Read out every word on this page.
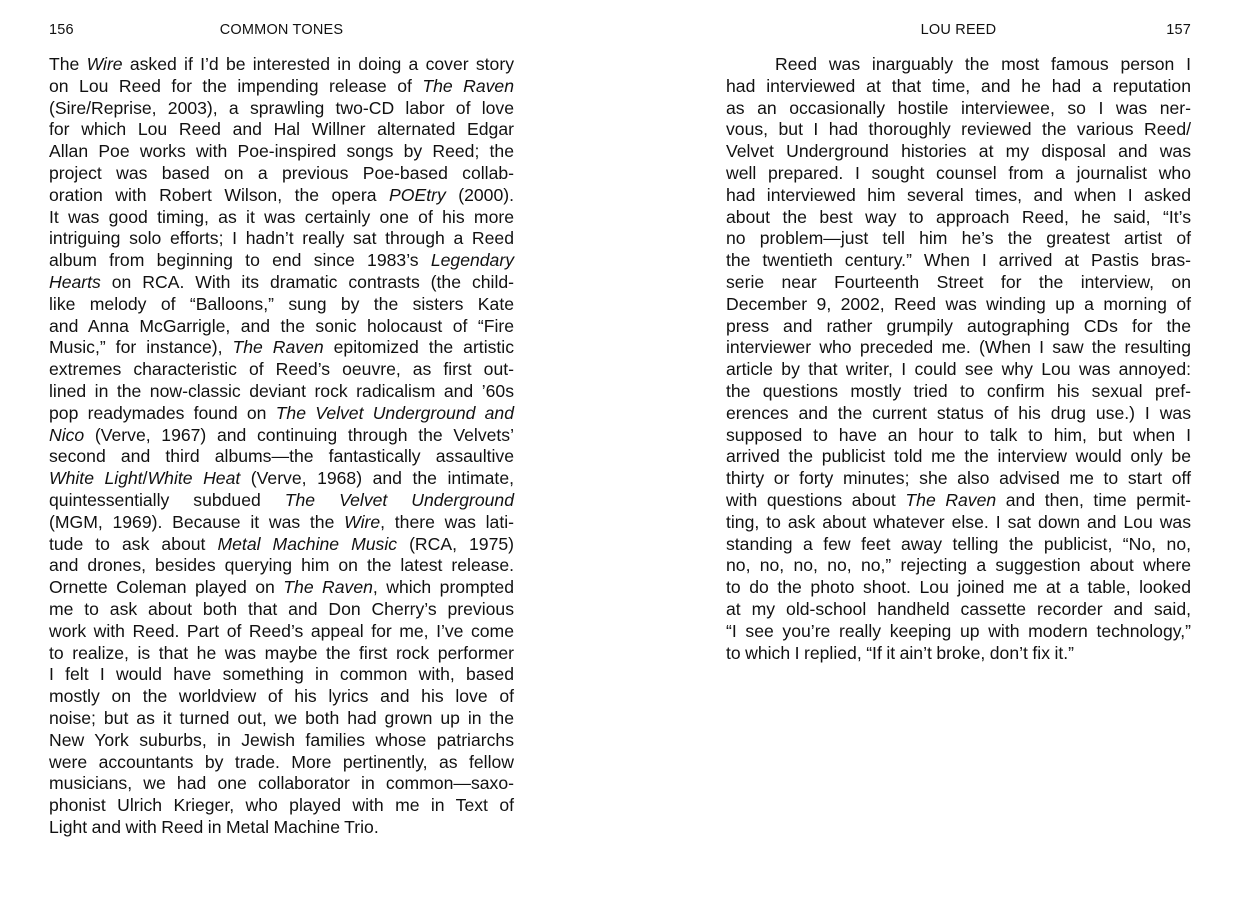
156	COMMON TONES
The Wire asked if I’d be interested in doing a cover story
on Lou Reed for the impending release of The Raven
(Sire/Reprise, 2003), a sprawling two-CD labor of love
for which Lou Reed and Hal Willner alternated Edgar
Allan Poe works with Poe-inspired songs by Reed; the
project was based on a previous Poe-based collab-
oration with Robert Wilson, the opera POEtry (2000).
It was good timing, as it was certainly one of his more
intriguing solo efforts; I hadn’t really sat through a Reed
album from beginning to end since 1983’s Legendary
Hearts on RCA. With its dramatic contrasts (the child-
like melody of “Balloons,” sung by the sisters Kate
and Anna McGarrigle, and the sonic holocaust of “Fire
Music,” for instance), The Raven epitomized the artistic
extremes characteristic of Reed’s oeuvre, as first out-
lined in the now-classic deviant rock radicalism and ’60s
pop readymades found on The Velvet Underground and
Nico (Verve, 1967) and continuing through the Velvets’
second and third albums—the fantastically assaultive
White Light/White Heat (Verve, 1968) and the intimate,
quintessentially subdued The Velvet Underground
(MGM, 1969). Because it was the Wire, there was lati-
tude to ask about Metal Machine Music (RCA, 1975)
and drones, besides querying him on the latest release.
Ornette Coleman played on The Raven, which prompted
me to ask about both that and Don Cherry’s previous
work with Reed. Part of Reed’s appeal for me, I’ve come
to realize, is that he was maybe the first rock performer
I felt I would have something in common with, based
mostly on the worldview of his lyrics and his love of
noise; but as it turned out, we both had grown up in the
New York suburbs, in Jewish families whose patriarchs
were accountants by trade. More pertinently, as fellow
musicians, we had one collaborator in common—saxo-
phonist Ulrich Krieger, who played with me in Text of
Light and with Reed in Metal Machine Trio.
LOU REED	157
Reed was inarguably the most famous person I
had interviewed at that time, and he had a reputation
as an occasionally hostile interviewee, so I was ner-
vous, but I had thoroughly reviewed the various Reed/
Velvet Underground histories at my disposal and was
well prepared. I sought counsel from a journalist who
had interviewed him several times, and when I asked
about the best way to approach Reed, he said, “It’s
no problem—just tell him he’s the greatest artist of
the twentieth century.” When I arrived at Pastis bras-
serie near Fourteenth Street for the interview, on
December 9, 2002, Reed was winding up a morning of
press and rather grumpily autographing CDs for the
interviewer who preceded me. (When I saw the resulting
article by that writer, I could see why Lou was annoyed:
the questions mostly tried to confirm his sexual pref-
erences and the current status of his drug use.) I was
supposed to have an hour to talk to him, but when I
arrived the publicist told me the interview would only be
thirty or forty minutes; she also advised me to start off
with questions about The Raven and then, time permit-
ting, to ask about whatever else. I sat down and Lou was
standing a few feet away telling the publicist, “No, no,
no, no, no, no, no,” rejecting a suggestion about where
to do the photo shoot. Lou joined me at a table, looked
at my old-school handheld cassette recorder and said,
“I see you’re really keeping up with modern technology,”
to which I replied, “If it ain’t broke, don’t fix it.”
